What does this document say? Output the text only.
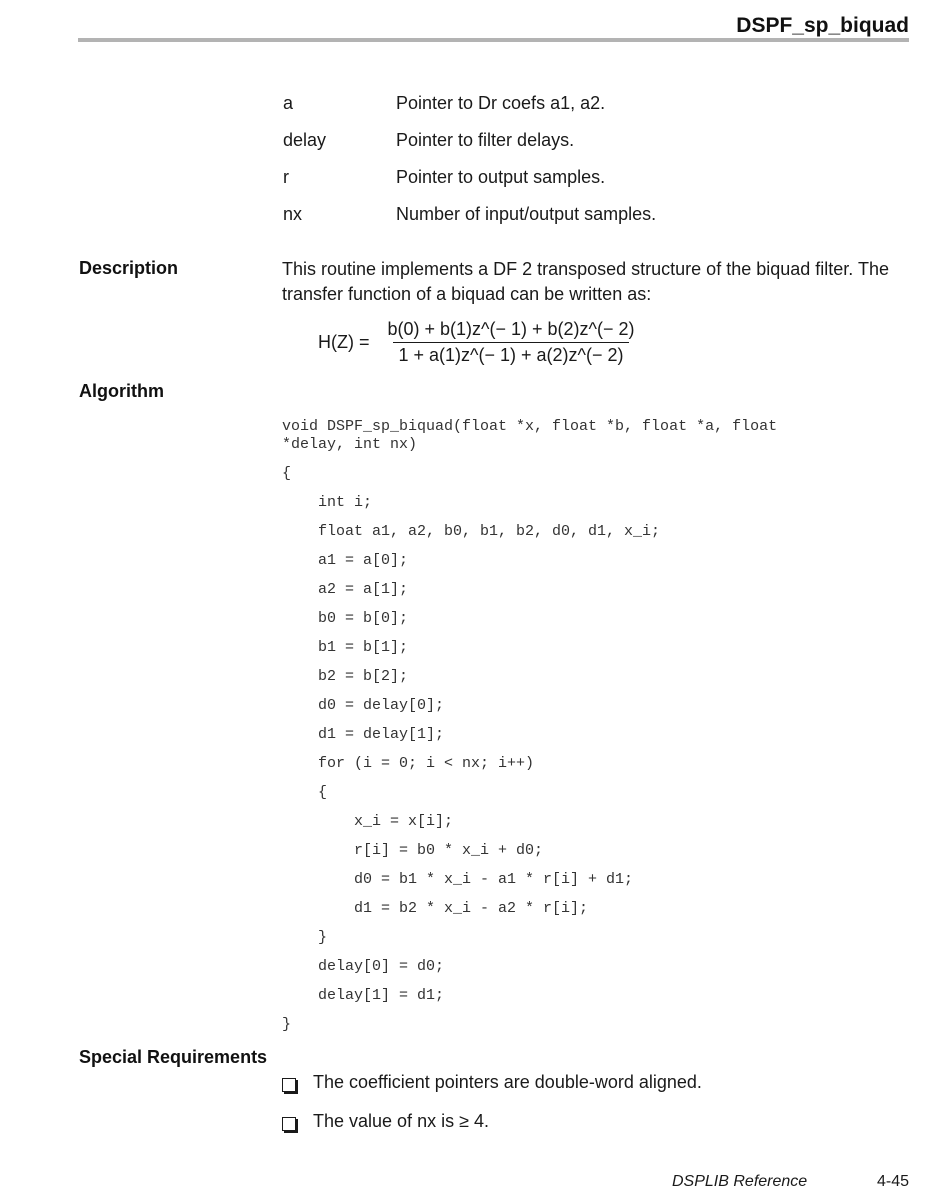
DSPF_sp_biquad
a	Pointer to Dr coefs a1, a2.
delay	Pointer to filter delays.
r	Pointer to output samples.
nx	Number of input/output samples.
Description	This routine implements a DF 2 transposed structure of the biquad filter. The transfer function of a biquad can be written as:
$H(Z) = \frac{b(0) + b(1)z\^{}(- 1) + b(2)z\^{}(- 2)}{1 + a(1)z\^{}(- 1) + a(2)z\^{}(- 2)}$
Algorithm
void DSPF_sp_biquad(float *x, float *b, float *a, float
*delay, int nx)
{
int i;
float a1, a2, b0, b1, b2, d0, d1, x_i;
a1 = a[0];
a2 = a[1];
b0 = b[0];
b1 = b[1];
b2 = b[2];
d0 = delay[0];
d1 = delay[1];
for (i = 0; i < nx; i++)
{
x_i = x[i];
r[i] = b0 * x_i + d0;
d0 = b1 * x_i - a1 * r[i] + d1;
d1 = b2 * x_i - a2 * r[i];
}
delay[0] = d0;
delay[1] = d1;
}
Special Requirements
The coefficient pointers are double-word aligned.
The value of nx is ≥ 4.
DSPLIB Reference	4-45
